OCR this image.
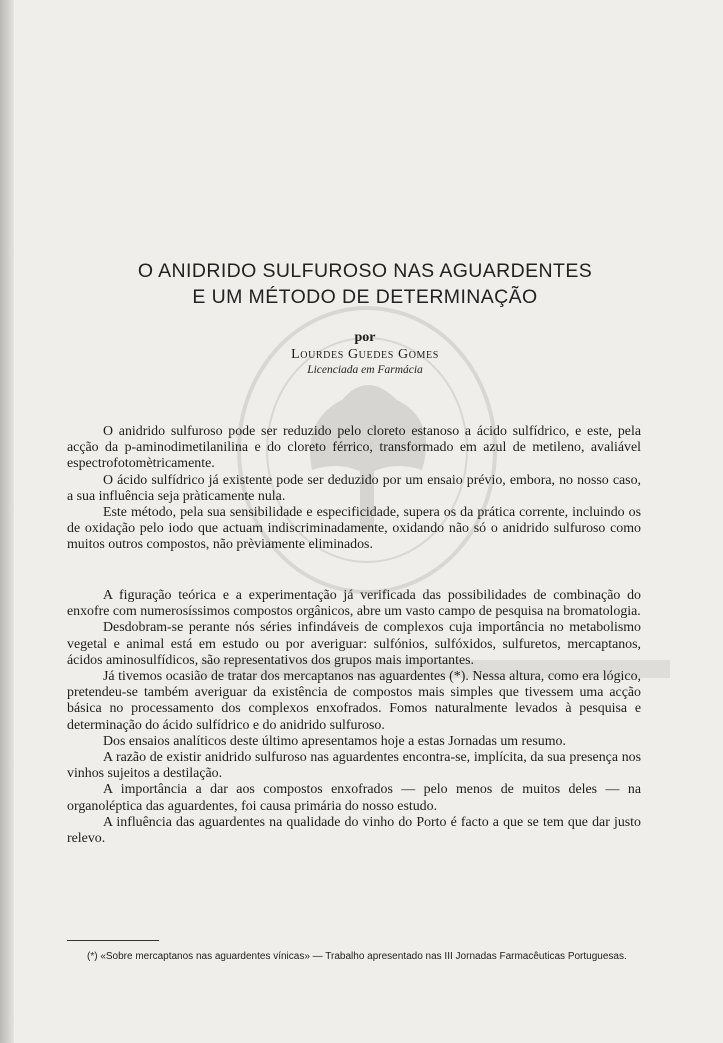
O ANIDRIDO SULFUROSO NAS AGUARDENTES
E UM MÉTODO DE DETERMINAÇÃO
por
Lourdes Guedes Gomes
Licenciada em Farmácia

O anidrido sulfuroso pode ser reduzido pelo cloreto estanoso a ácido sulfídrico, e este, pela acção da p-aminodimetilanilina e do cloreto férrico, transformado em azul de metileno, avaliável espectrofotomètricamente.

O ácido sulfídrico já existente pode ser deduzido por um ensaio prévio, embora, no nosso caso, a sua influência seja pràticamente nula.

Este método, pela sua sensibilidade e especificidade, supera os da prática corrente, incluindo os de oxidação pelo iodo que actuam indiscriminadamente, oxidando não só o anidrido sulfuroso como muitos outros compostos, não prèviamente eliminados.

A figuração teórica e a experimentação já verificada das possibilidades de combinação do enxofre com numerosíssimos compostos orgânicos, abre um vasto campo de pesquisa na bromatologia.

Desdobram-se perante nós séries infindáveis de complexos cuja importância no metabolismo vegetal e animal está em estudo ou por averiguar: sulfónios, sulfóxidos, sulfuretos, mercaptanos, ácidos aminosulfídicos, são representativos dos grupos mais importantes.

Já tivemos ocasião de tratar dos mercaptanos nas aguardentes (*). Nessa altura, como era lógico, pretendeu-se também averiguar da existência de compostos mais simples que tivessem uma acção básica no processamento dos complexos enxofrados. Fomos naturalmente levados à pesquisa e determinação do ácido sulfídrico e do anidrido sulfuroso.

Dos ensaios analíticos deste último apresentamos hoje a estas Jornadas um resumo.

A razão de existir anidrido sulfuroso nas aguardentes encontra-se, implícita, da sua presença nos vinhos sujeitos a destilação.

A importância a dar aos compostos enxofrados — pelo menos de muitos deles — na organoléptica das aguardentes, foi causa primária do nosso estudo.

A influência das aguardentes na qualidade do vinho do Porto é facto a que se tem que dar justo relevo.

(*) «Sobre mercaptanos nas aguardentes vínicas» — Trabalho apresentado nas III Jornadas Farmacêuticas Portuguesas.
